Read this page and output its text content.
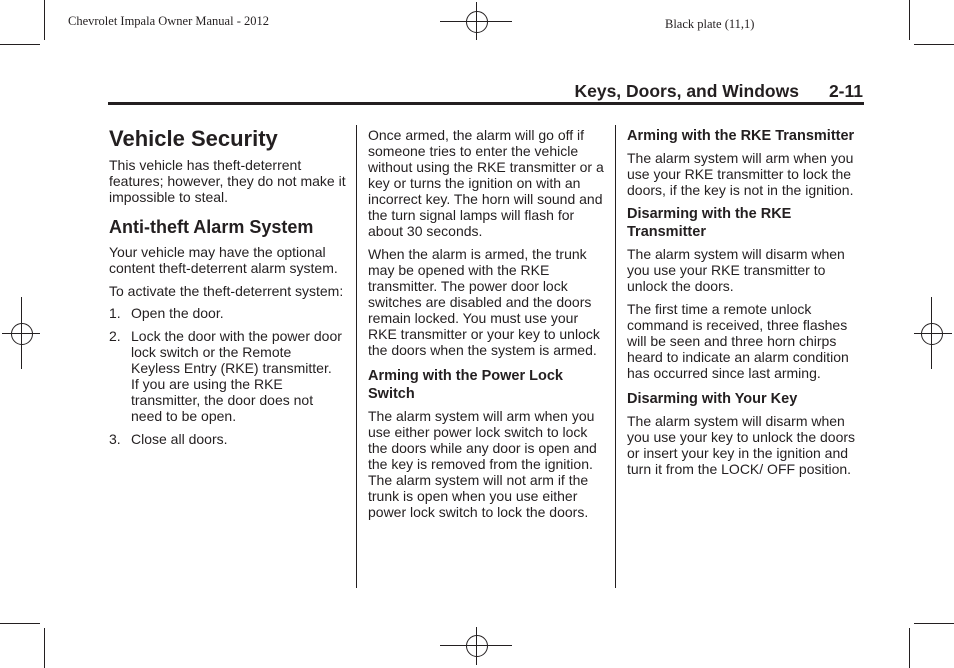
Chevrolet Impala Owner Manual - 2012	Black plate (11,1)
Keys, Doors, and Windows 2-11
Vehicle Security

This vehicle has theft-deterrent features; however, they do not make it impossible to steal.

Anti-theft Alarm System

Your vehicle may have the optional content theft-deterrent alarm system.

To activate the theft-deterrent system:

1. Open the door.
2. Lock the door with the power door lock switch or the Remote Keyless Entry (RKE) transmitter. If you are using the RKE transmitter, the door does not need to be open.
3. Close all doors.

Once armed, the alarm will go off if someone tries to enter the vehicle without using the RKE transmitter or a key or turns the ignition on with an incorrect key. The horn will sound and the turn signal lamps will flash for about 30 seconds.

When the alarm is armed, the trunk may be opened with the RKE transmitter. The power door lock switches are disabled and the doors remain locked. You must use your RKE transmitter or your key to unlock the doors when the system is armed.

Arming with the Power Lock Switch

The alarm system will arm when you use either power lock switch to lock the doors while any door is open and the key is removed from the ignition. The alarm system will not arm if the trunk is open when you use either power lock switch to lock the doors.

Arming with the RKE Transmitter

The alarm system will arm when you use your RKE transmitter to lock the doors, if the key is not in the ignition.

Disarming with the RKE Transmitter

The alarm system will disarm when you use your RKE transmitter to unlock the doors.

The first time a remote unlock command is received, three flashes will be seen and three horn chirps heard to indicate an alarm condition has occurred since last arming.

Disarming with Your Key

The alarm system will disarm when you use your key to unlock the doors or insert your key in the ignition and turn it from the LOCK/ OFF position.
